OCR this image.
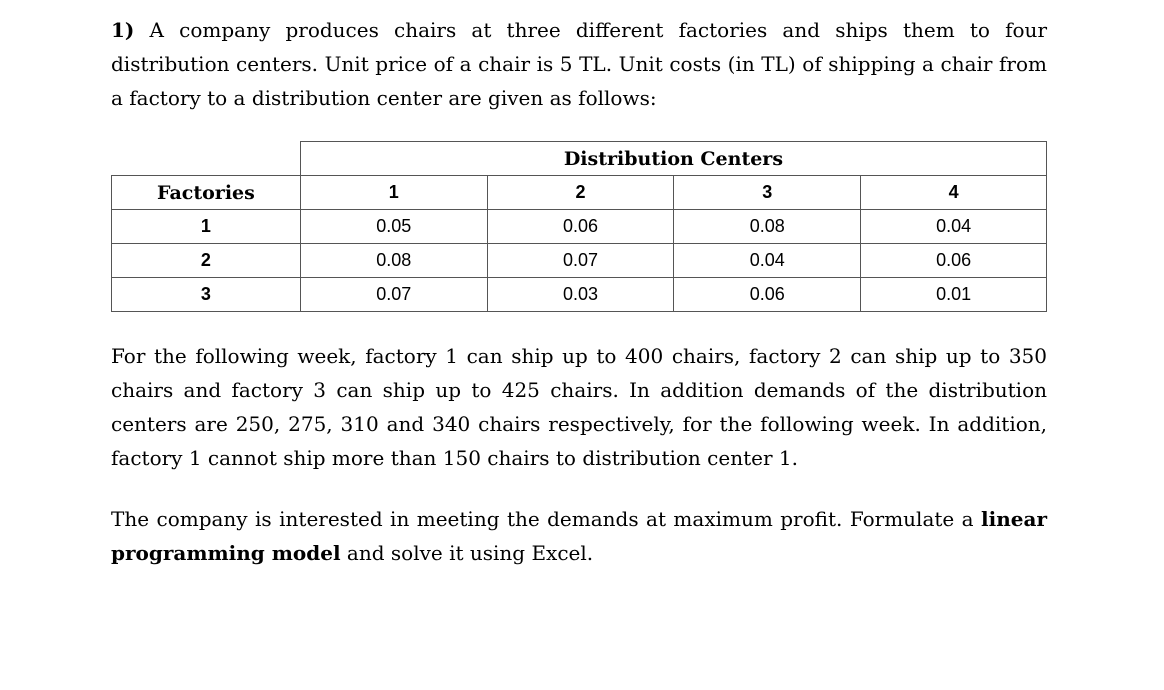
1) A company produces chairs at three different factories and ships them to four distribution centers. Unit price of a chair is 5 TL. Unit costs (in TL) of shipping a chair from a factory to a distribution center are given as follows:

	Distribution Centers			
Factories	1	2	3	4
1	0.05	0.06	0.08	0.04
2	0.08	0.07	0.04	0.06
3	0.07	0.03	0.06	0.01

For the following week, factory 1 can ship up to 400 chairs, factory 2 can ship up to 350 chairs and factory 3 can ship up to 425 chairs. In addition demands of the distribution centers are 250, 275, 310 and 340 chairs respectively, for the following week. In addition, factory 1 cannot ship more than 150 chairs to distribution center 1.

The company is interested in meeting the demands at maximum profit. Formulate a linear programming model and solve it using Excel.
